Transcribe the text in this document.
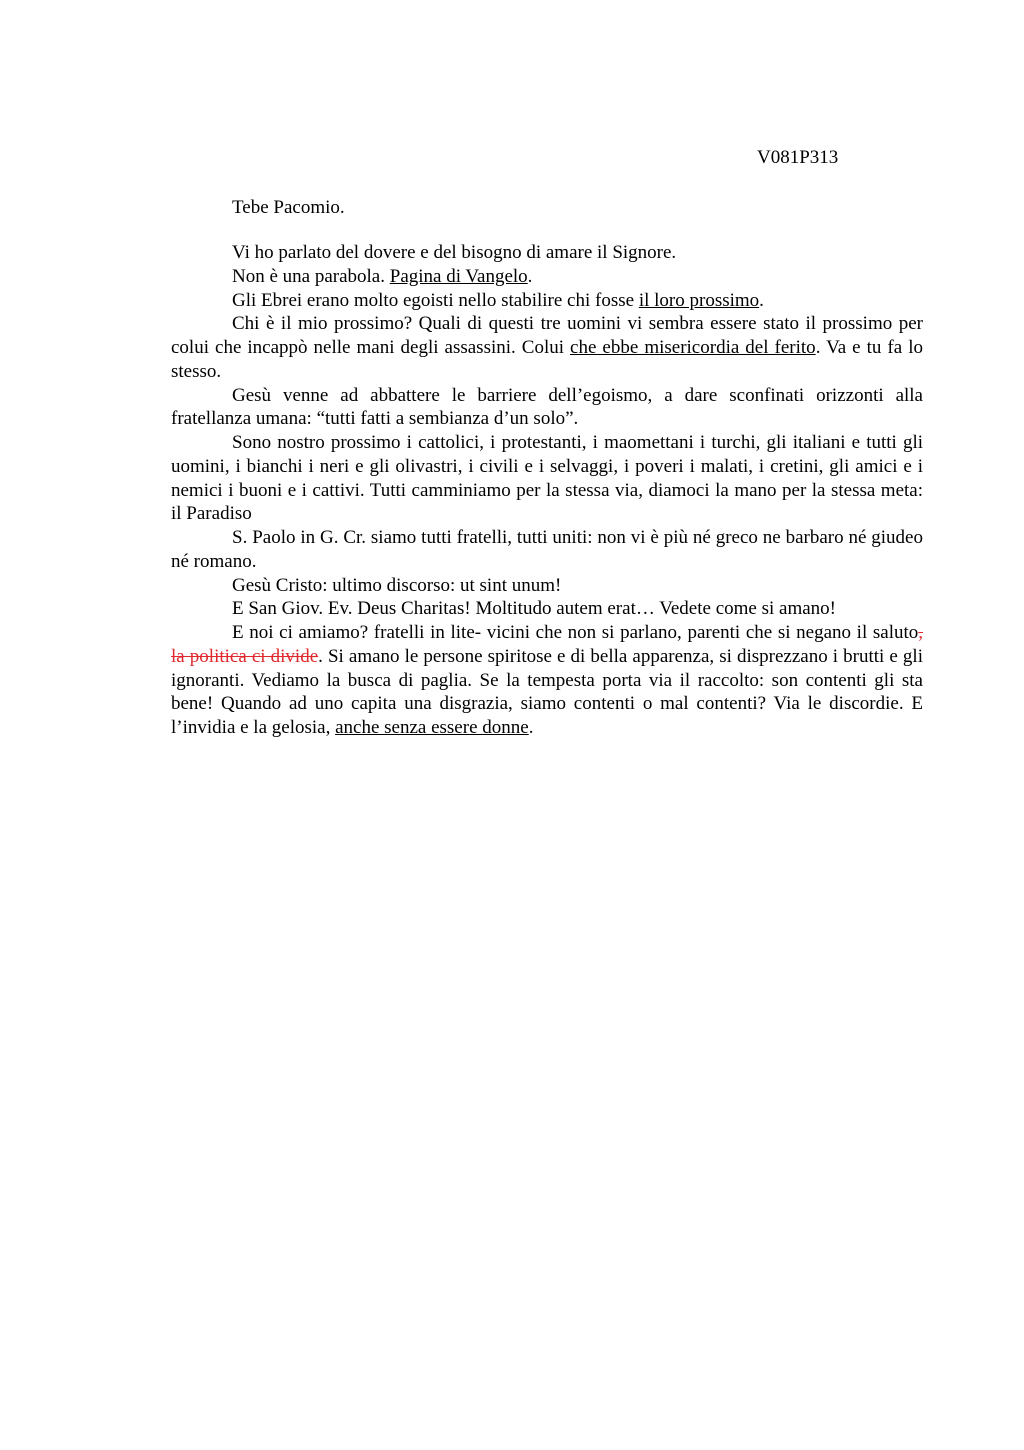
V081P313
Tebe Pacomio.

Vi ho parlato del dovere e del bisogno di amare il Signore.

Non è una parabola. Pagina di Vangelo.

Gli Ebrei erano molto egoisti nello stabilire chi fosse il loro prossimo.

Chi è il mio prossimo? Quali di questi tre uomini vi sembra essere stato il prossimo per colui che incappò nelle mani degli assassini. Colui che ebbe misericordia del ferito. Va e tu fa lo stesso.

Gesù venne ad abbattere le barriere dell’egoismo, a dare sconfinati orizzonti alla fratellanza umana: “tutti fatti a sembianza d’un solo”.

Sono nostro prossimo i cattolici, i protestanti, i maomettani i turchi, gli italiani e tutti gli uomini, i bianchi i neri e gli olivastri, i civili e i selvaggi, i poveri i malati, i cretini, gli amici e i nemici i buoni e i cattivi. Tutti camminiamo per la stessa via, diamoci la mano per la stessa meta: il Paradiso

S. Paolo in G. Cr. siamo tutti fratelli, tutti uniti: non vi è più né greco ne barbaro né giudeo né romano.

Gesù Cristo: ultimo discorso: ut sint unum!

E San Giov. Ev. Deus Charitas! Moltitudo autem erat… Vedete come si amano!

E noi ci amiamo? fratelli in lite- vicini che non si parlano, parenti che si negano il saluto, la politica ci divide. Si amano le persone spiritose e di bella apparenza, si disprezzano i brutti e gli ignoranti. Vediamo la busca di paglia. Se la tempesta porta via il raccolto: son contenti gli sta bene! Quando ad uno capita una disgrazia, siamo contenti o mal contenti? Via le discordie. E l’invidia e la gelosia, anche senza essere donne.
